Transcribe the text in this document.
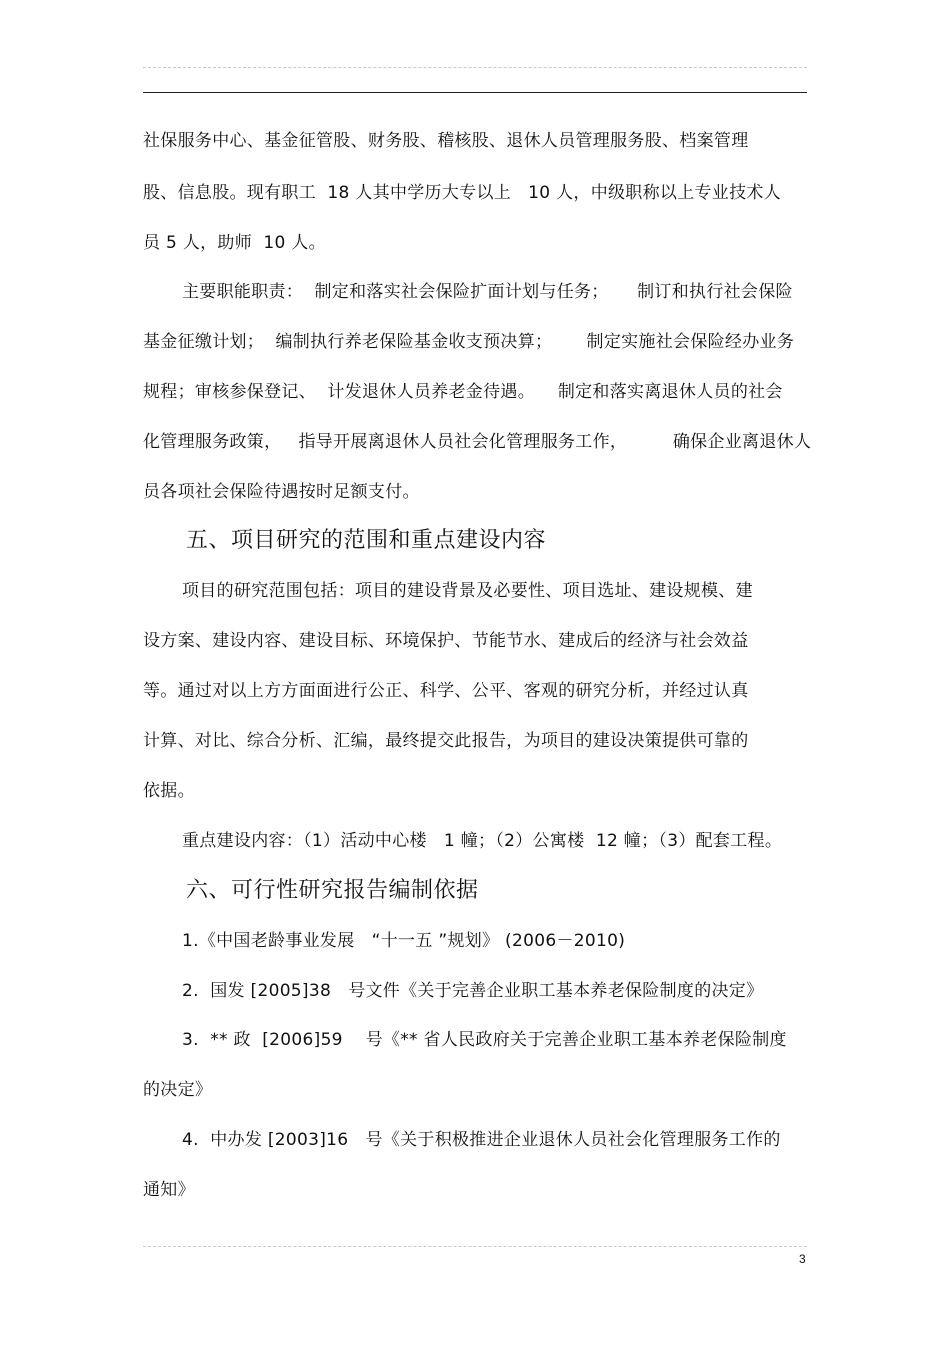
社保服务中心、基金征管股、财务股、稽核股、退休人员管理服务股、档案管理
股、信息股。现有职工  18 人其中学历大专以上   10 人，中级职称以上专业技术人
员 5 人，助师  10 人。
主要职能职责：  制定和落实社会保险扩面计划与任务；     制订和执行社会保险
基金征缴计划；  编制执行养老保险基金收支预决算；      制定实施社会保险经办业务
规程；审核参保登记、  计发退休人员养老金待遇。    制定和落实离退休人员的社会
化管理服务政策，   指导开展离退休人员社会化管理服务工作，        确保企业离退休人
员各项社会保险待遇按时足额支付。
五、项目研究的范围和重点建设内容
项目的研究范围包括：项目的建设背景及必要性、项目选址、建设规模、建
设方案、建设内容、建设目标、环境保护、节能节水、建成后的经济与社会效益
等。通过对以上方方面面进行公正、科学、公平、客观的研究分析，并经过认真
计算、对比、综合分析、汇编，最终提交此报告，为项目的建设决策提供可靠的
依据。
重点建设内容：（1）活动中心楼   1 幢；（2）公寓楼  12 幢；（3）配套工程。
六、可行性研究报告编制依据
1.《中国老龄事业发展   “十一五 ”规划》 (2006－2010)
2.  国发 [2005]38   号文件《关于完善企业职工基本养老保险制度的决定》
3.  ** 政  [2006]59    号《** 省人民政府关于完善企业职工基本养老保险制度
的决定》
4.  中办发 [2003]16   号《关于积极推进企业退休人员社会化管理服务工作的
通知》
3
